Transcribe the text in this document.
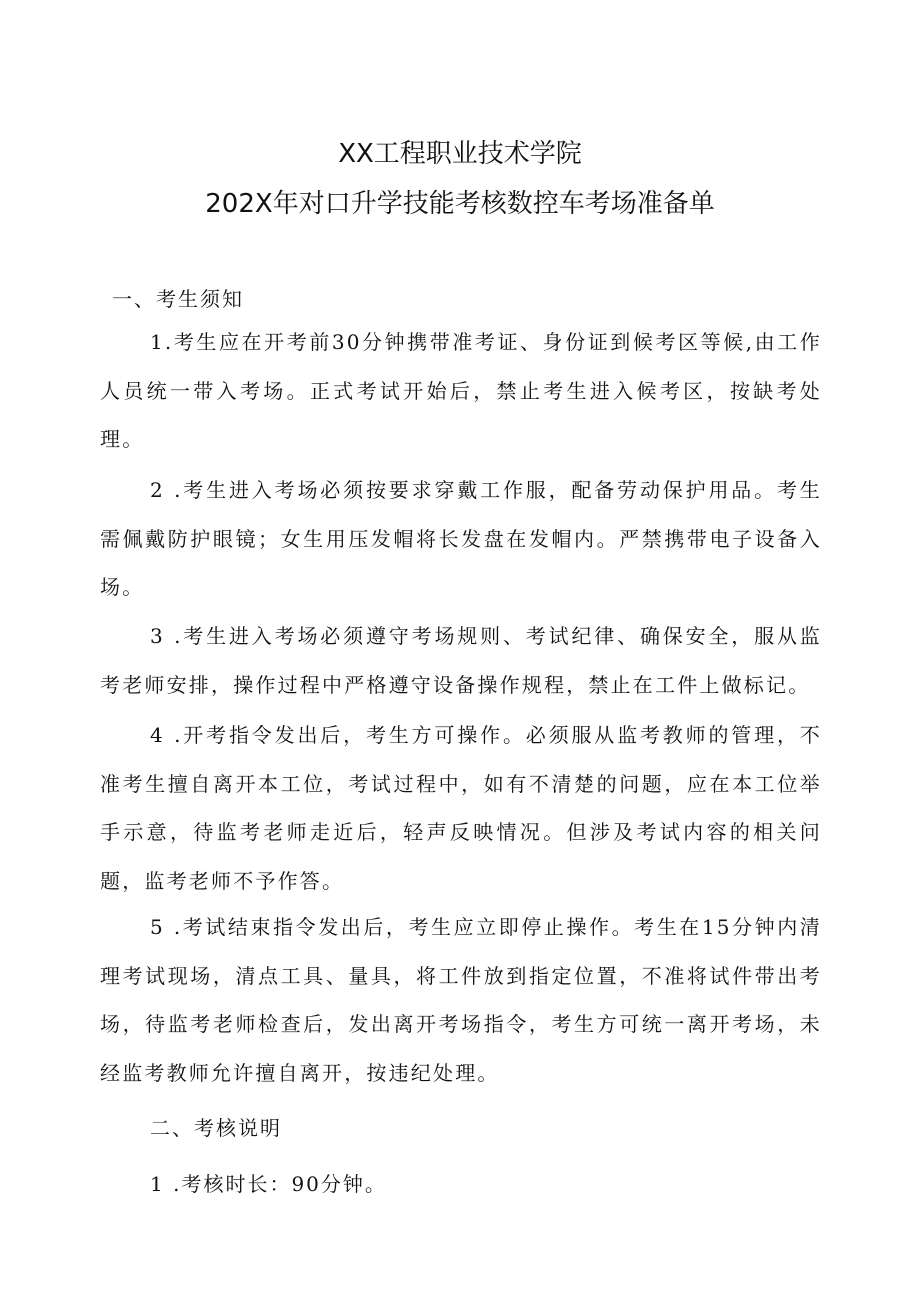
XX工程职业技术学院
202X年对口升学技能考核数控车考场准备单
一、考生须知
1.考生应在开考前30分钟携带准考证、身份证到候考区等候,由工作人员统一带入考场。正式考试开始后，禁止考生进入候考区，按缺考处理。
2 .考生进入考场必须按要求穿戴工作服，配备劳动保护用品。考生需佩戴防护眼镜；女生用压发帽将长发盘在发帽内。严禁携带电子设备入场。
3 .考生进入考场必须遵守考场规则、考试纪律、确保安全，服从监考老师安排，操作过程中严格遵守设备操作规程，禁止在工件上做标记。
4 .开考指令发出后，考生方可操作。必须服从监考教师的管理，不准考生擅自离开本工位，考试过程中，如有不清楚的问题，应在本工位举手示意，待监考老师走近后，轻声反映情况。但涉及考试内容的相关问题，监考老师不予作答。
5 .考试结束指令发出后，考生应立即停止操作。考生在15分钟内清理考试现场，清点工具、量具，将工件放到指定位置，不准将试件带出考场，待监考老师检查后，发出离开考场指令，考生方可统一离开考场，未经监考教师允许擅自离开，按违纪处理。
二、考核说明
1 .考核时长：90分钟。
